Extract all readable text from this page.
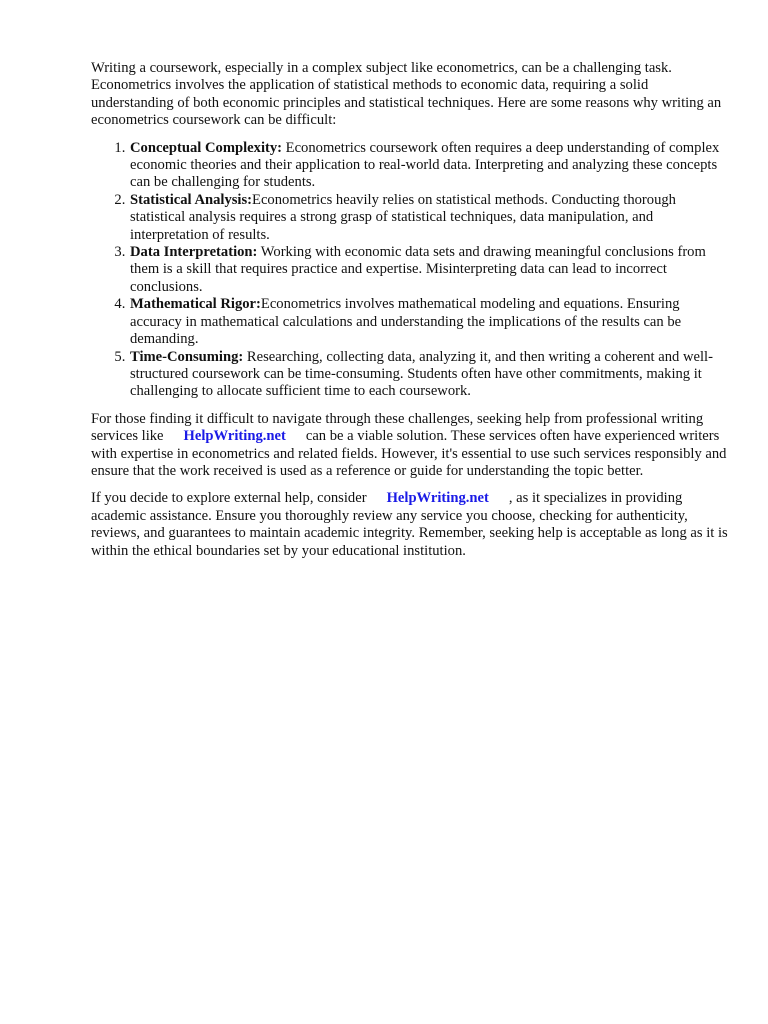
Writing a coursework, especially in a complex subject like econometrics, can be a challenging task. Econometrics involves the application of statistical methods to economic data, requiring a solid understanding of both economic principles and statistical techniques. Here are some reasons why writing an econometrics coursework can be difficult:

1. Conceptual Complexity: Econometrics coursework often requires a deep understanding of complex economic theories and their application to real-world data. Interpreting and analyzing these concepts can be challenging for students.
2. Statistical Analysis:Econometrics heavily relies on statistical methods. Conducting thorough statistical analysis requires a strong grasp of statistical techniques, data manipulation, and interpretation of results.
3. Data Interpretation: Working with economic data sets and drawing meaningful conclusions from them is a skill that requires practice and expertise. Misinterpreting data can lead to incorrect conclusions.
4. Mathematical Rigor:Econometrics involves mathematical modeling and equations. Ensuring accuracy in mathematical calculations and understanding the implications of the results can be demanding.
5. Time-Consuming: Researching, collecting data, analyzing it, and then writing a coherent and well-structured coursework can be time-consuming. Students often have other commitments, making it challenging to allocate sufficient time to each coursework.

For those finding it difficult to navigate through these challenges, seeking help from professional writing services like HelpWriting.net can be a viable solution. These services often have experienced writers with expertise in econometrics and related fields. However, it's essential to use such services responsibly and ensure that the work received is used as a reference or guide for understanding the topic better.

If you decide to explore external help, consider HelpWriting.net , as it specializes in providing academic assistance. Ensure you thoroughly review any service you choose, checking for authenticity, reviews, and guarantees to maintain academic integrity. Remember, seeking help is acceptable as long as it is within the ethical boundaries set by your educational institution.
